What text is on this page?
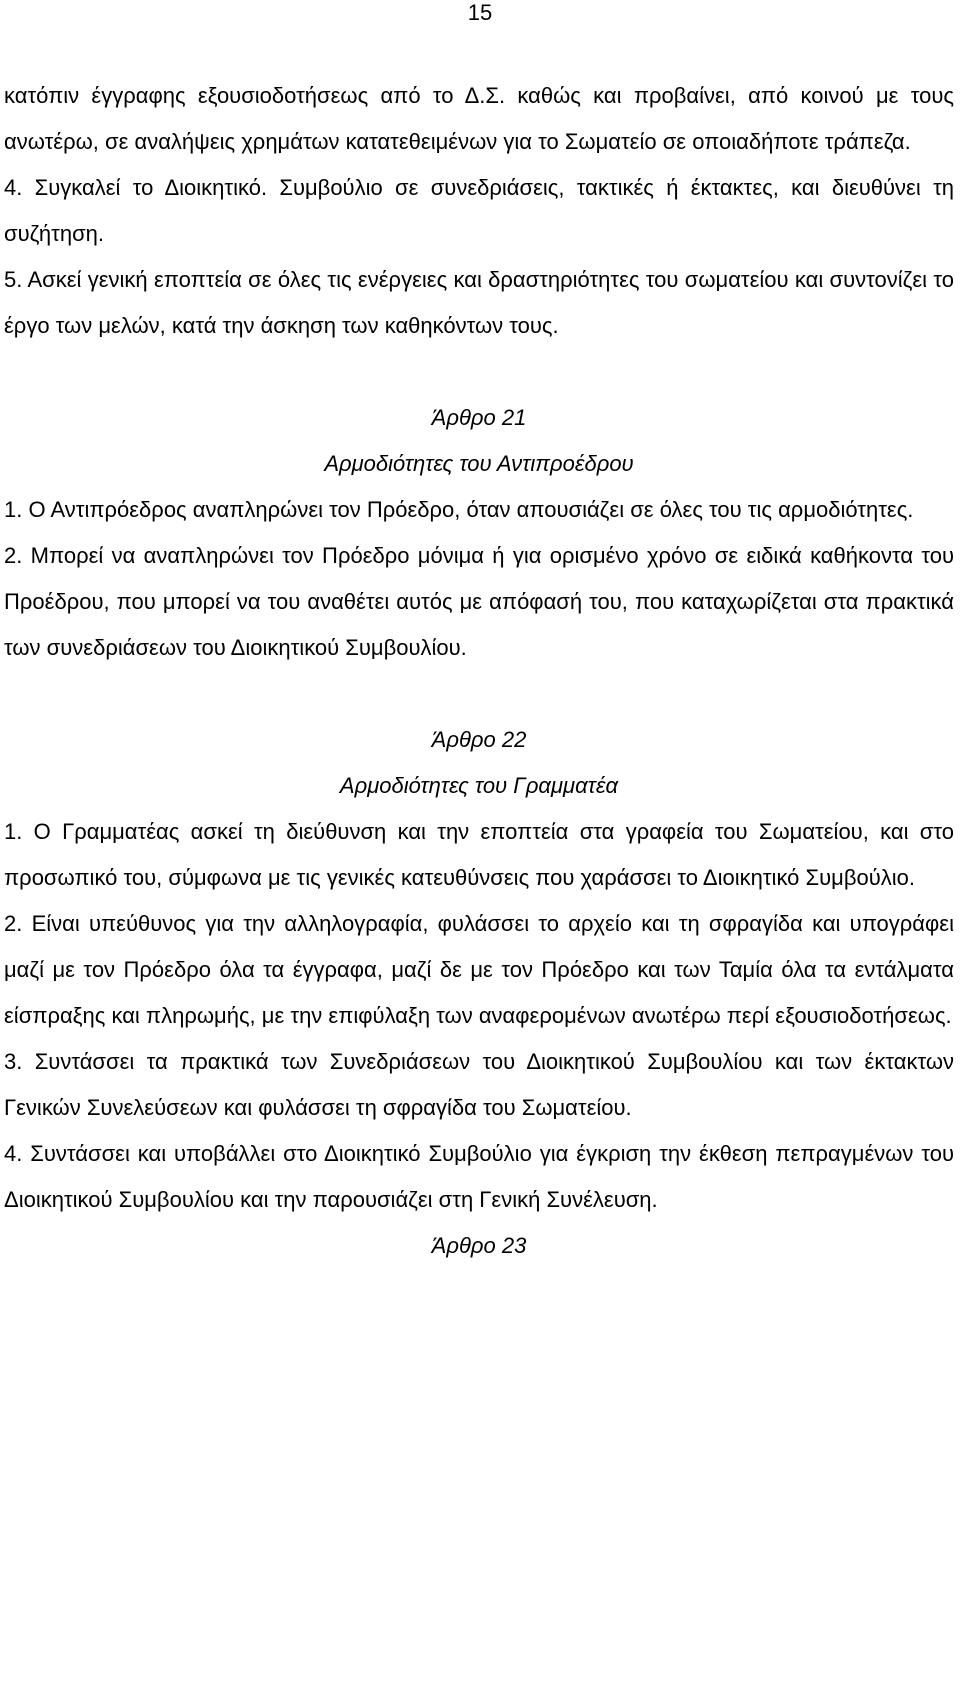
15

κατόπιν έγγραφης εξουσιοδοτήσεως από το Δ.Σ. καθώς και προβαίνει, από κοινού με τους ανωτέρω, σε αναλήψεις χρημάτων κατατεθειμένων για το Σωματείο σε οποιαδήποτε τράπεζα.

4. Συγκαλεί το Διοικητικό. Συμβούλιο σε συνεδριάσεις, τακτικές ή έκτακτες, και διευθύνει τη συζήτηση.

5. Ασκεί γενική εποπτεία σε όλες τις ενέργειες και δραστηριότητες του σωματείου και συντονίζει το έργο των μελών, κατά την άσκηση των καθηκόντων τους.

Άρθρο 21
Αρμοδιότητες του Αντιπροέδρου

1. Ο Αντιπρόεδρος αναπληρώνει τον Πρόεδρο, όταν απουσιάζει σε όλες του τις αρμοδιότητες.

2. Μπορεί να αναπληρώνει τον Πρόεδρο μόνιμα ή για ορισμένο χρόνο σε ειδικά καθήκοντα του Προέδρου, που μπορεί να του αναθέτει αυτός με απόφασή του, που καταχωρίζεται στα πρακτικά των συνεδριάσεων του Διοικητικού Συμβουλίου.

Άρθρο 22
Αρμοδιότητες του Γραμματέα

1. Ο Γραμματέας ασκεί τη διεύθυνση και την εποπτεία στα γραφεία του Σωματείου, και στο προσωπικό του, σύμφωνα με τις γενικές κατευθύνσεις που χαράσσει το Διοικητικό Συμβούλιο.

2. Είναι υπεύθυνος για την αλληλογραφία, φυλάσσει το αρχείο και τη σφραγίδα και υπογράφει μαζί με τον Πρόεδρο όλα τα έγγραφα, μαζί δε με τον Πρόεδρο και των Ταμία όλα τα εντάλματα είσπραξης και πληρωμής, με την επιφύλαξη των αναφερομένων ανωτέρω περί εξουσιοδοτήσεως.

3. Συντάσσει τα πρακτικά των Συνεδριάσεων του Διοικητικού Συμβουλίου και των έκτακτων Γενικών Συνελεύσεων και φυλάσσει τη σφραγίδα του Σωματείου.

4. Συντάσσει και υποβάλλει στο Διοικητικό Συμβούλιο για έγκριση την έκθεση πεπραγμένων του Διοικητικού Συμβουλίου και την παρουσιάζει στη Γενική Συνέλευση.

Άρθρο 23
